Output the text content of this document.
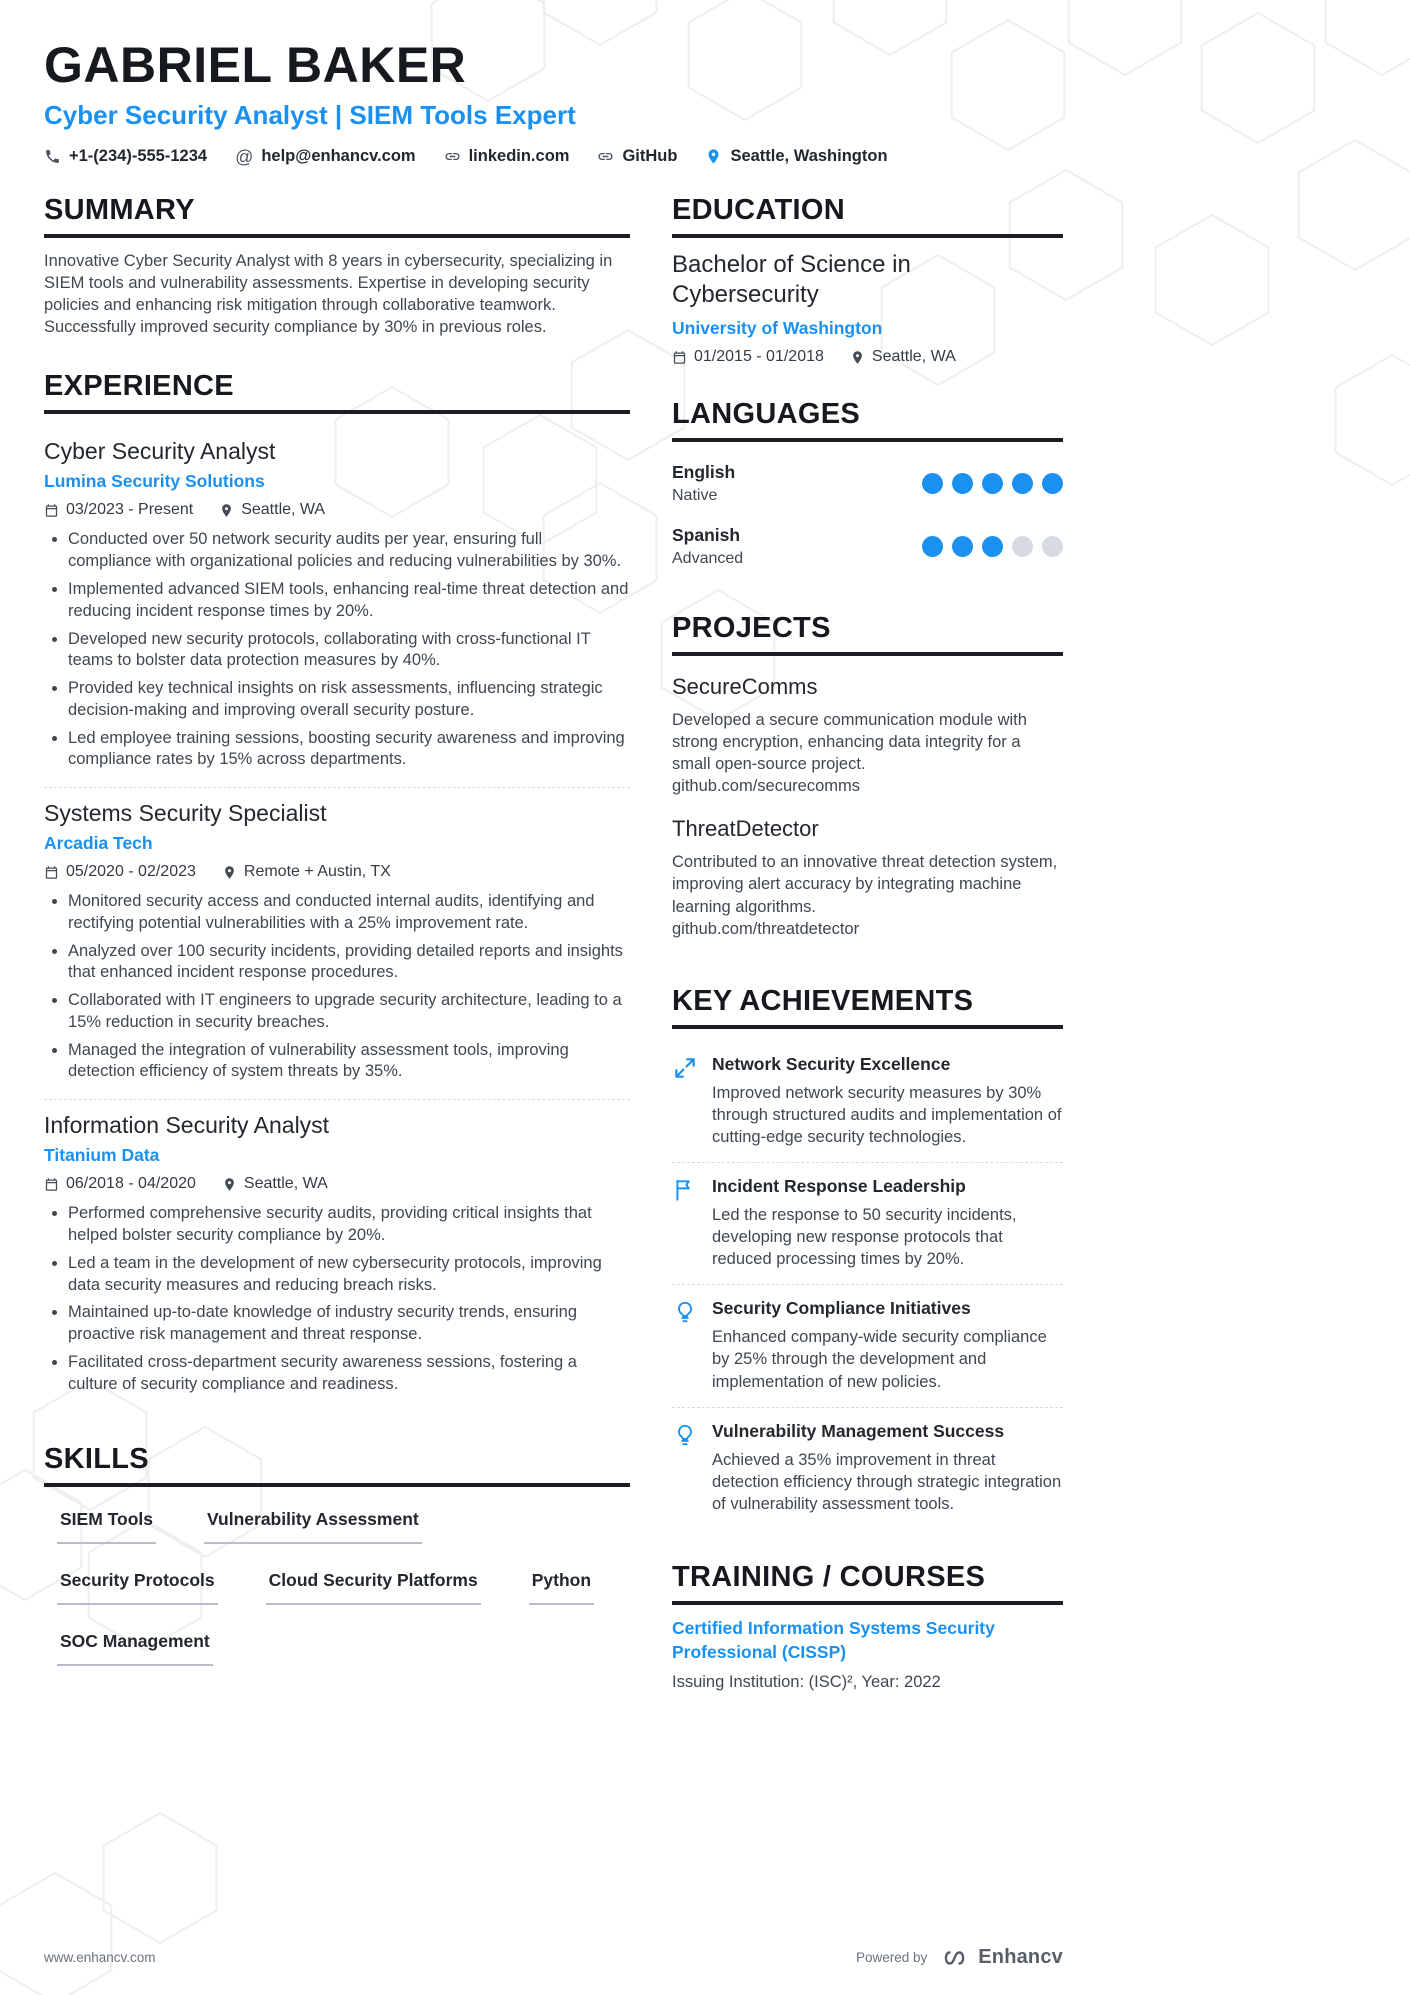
GABRIEL BAKER
Cyber Security Analyst | SIEM Tools Expert
+1-(234)-555-1234 @ help@enhancv.com	linkedin.com	GitHub	Seattle, Washington
SUMMARY

Innovative Cyber Security Analyst with 8 years in cybersecurity, specializing in SIEM tools and vulnerability assessments. Expertise in developing security policies and enhancing risk mitigation through collaborative teamwork. Successfully improved security compliance by 30% in previous roles.

EXPERIENCE
Cyber Security Analyst
Lumina Security Solutions
03/2023 - Present	Seattle, WA
• Conducted over 50 network security audits per year, ensuring full compliance with organizational policies and reducing vulnerabilities by 30%.
• Implemented advanced SIEM tools, enhancing real-time threat detection and reducing incident response times by 20%.
• Developed new security protocols, collaborating with cross-functional IT teams to bolster data protection measures by 40%.
• Provided key technical insights on risk assessments, influencing strategic decision-making and improving overall security posture.
• Led employee training sessions, boosting security awareness and improving compliance rates by 15% across departments.
Systems Security Specialist
Arcadia Tech
05/2020 - 02/2023	Remote + Austin, TX
• Monitored security access and conducted internal audits, identifying and rectifying potential vulnerabilities with a 25% improvement rate.
• Analyzed over 100 security incidents, providing detailed reports and insights that enhanced incident response procedures.
• Collaborated with IT engineers to upgrade security architecture, leading to a 15% reduction in security breaches.
• Managed the integration of vulnerability assessment tools, improving detection efficiency of system threats by 35%.
Information Security Analyst
Titanium Data
06/2018 - 04/2020	Seattle, WA
• Performed comprehensive security audits, providing critical insights that helped bolster security compliance by 20%.
• Led a team in the development of new cybersecurity protocols, improving data security measures and reducing breach risks.
• Maintained up-to-date knowledge of industry security trends, ensuring proactive risk management and threat response.
• Facilitated cross-department security awareness sessions, fostering a culture of security compliance and readiness.
SKILLS
SIEM Tools	Vulnerability Assessment
Security Protocols	Cloud Security Platforms	Python
SOC Management
EDUCATION
Bachelor of Science in Cybersecurity
University of Washington
01/2015 - 01/2018	Seattle, WA
LANGUAGES
English
Native
Spanish
Advanced
PROJECTS
SecureComms
Developed a secure communication module with strong encryption, enhancing data integrity for a small open-source project.
github.com/securecomms
ThreatDetector
Contributed to an innovative threat detection system, improving alert accuracy by integrating machine learning algorithms.
github.com/threatdetector
KEY ACHIEVEMENTS
Network Security Excellence
Improved network security measures by 30% through structured audits and implementation of cutting-edge security technologies.
Incident Response Leadership
Led the response to 50 security incidents, developing new response protocols that reduced processing times by 20%.
Security Compliance Initiatives
Enhanced company-wide security compliance by 25% through the development and implementation of new policies.
Vulnerability Management Success
Achieved a 35% improvement in threat detection efficiency through strategic integration of vulnerability assessment tools.
TRAINING / COURSES
Certified Information Systems Security Professional (CISSP)
Issuing Institution: (ISC)², Year: 2022
www.enhancv.com	Powered by	Enhancv
